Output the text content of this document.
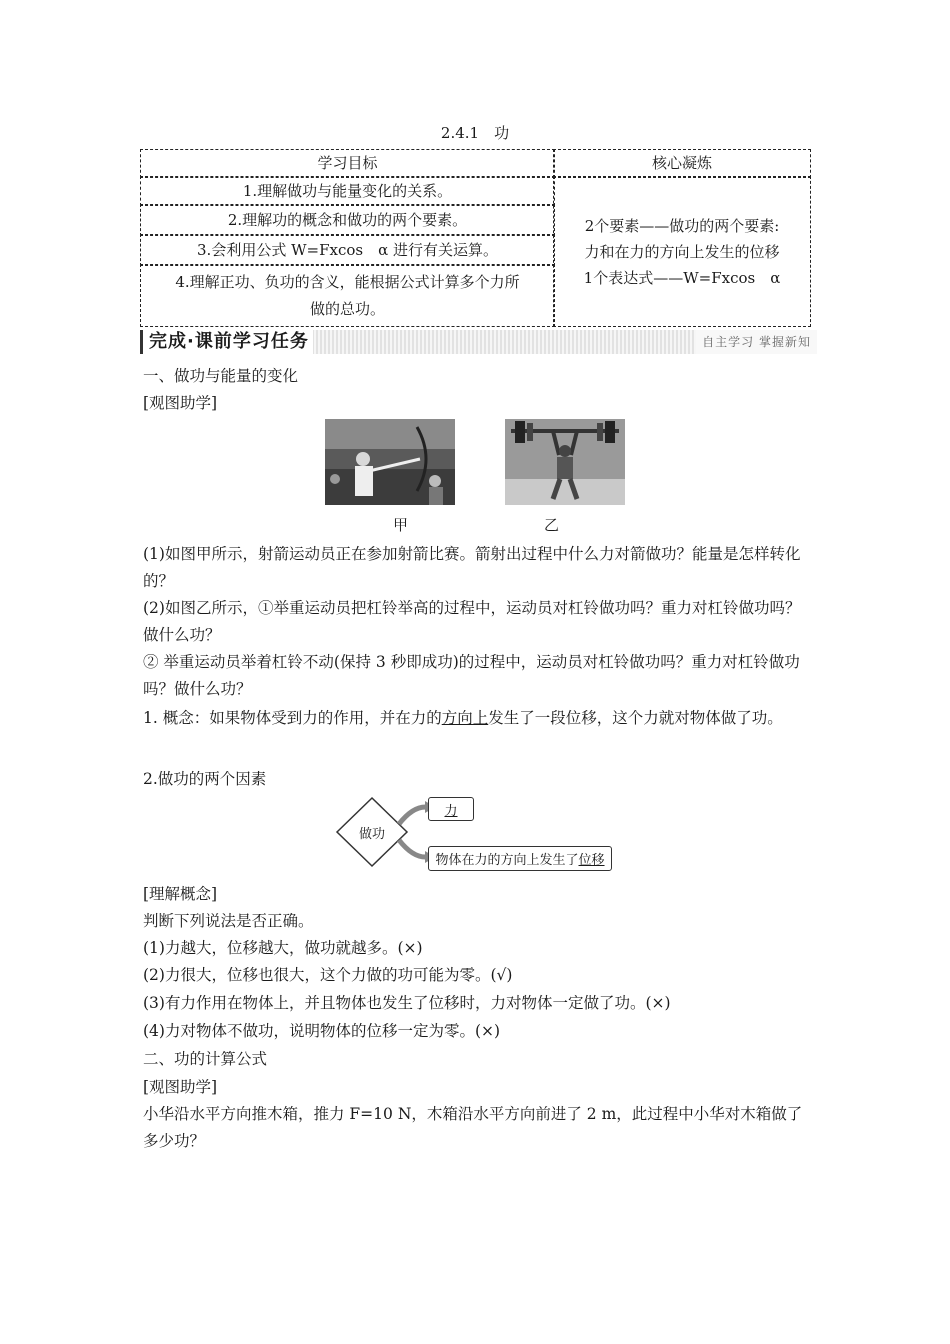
2.4.1　功
学习目标	核心凝炼
1.理解做功与能量变化的关系。
2.理解功的概念和做功的两个要素。
3.会利用公式 W=Fxcos　α 进行有关运算。
4.理解正功、负功的含义，能根据公式计算多个力所
做的总功。
2个要素——做功的两个要素:
力和在力的方向上发生的位移
1个表达式——W=Fxcos　α
完成·课前学习任务	自主学习 掌握新知
一、做功与能量的变化
[观图助学]
甲	乙
(1)如图甲所示，射箭运动员正在参加射箭比赛。箭射出过程中什么力对箭做功？能量是怎样转化的？
(2)如图乙所示，①举重运动员把杠铃举高的过程中，运动员对杠铃做功吗？重力对杠铃做功吗？做什么功？
② 举重运动员举着杠铃不动(保持 3 秒即成功)的过程中，运动员对杠铃做功吗？重力对杠铃做功吗？做什么功？
1. 概念：如果物体受到力的作用，并在力的方向上发生了一段位移，这个力就对物体做了功。
2.做功的两个因素
做功
力
物体在力的方向上发生了 位移
[理解概念]
判断下列说法是否正确。
(1)力越大，位移越大，做功就越多。(×)
(2)力很大，位移也很大，这个力做的功可能为零。(√)
(3)有力作用在物体上，并且物体也发生了位移时，力对物体一定做了功。(×)
(4)力对物体不做功，说明物体的位移一定为零。(×)
二、功的计算公式
[观图助学]
小华沿水平方向推木箱，推力 F=10 N，木箱沿水平方向前进了 2 m，此过程中小华对木箱做了多少功？
